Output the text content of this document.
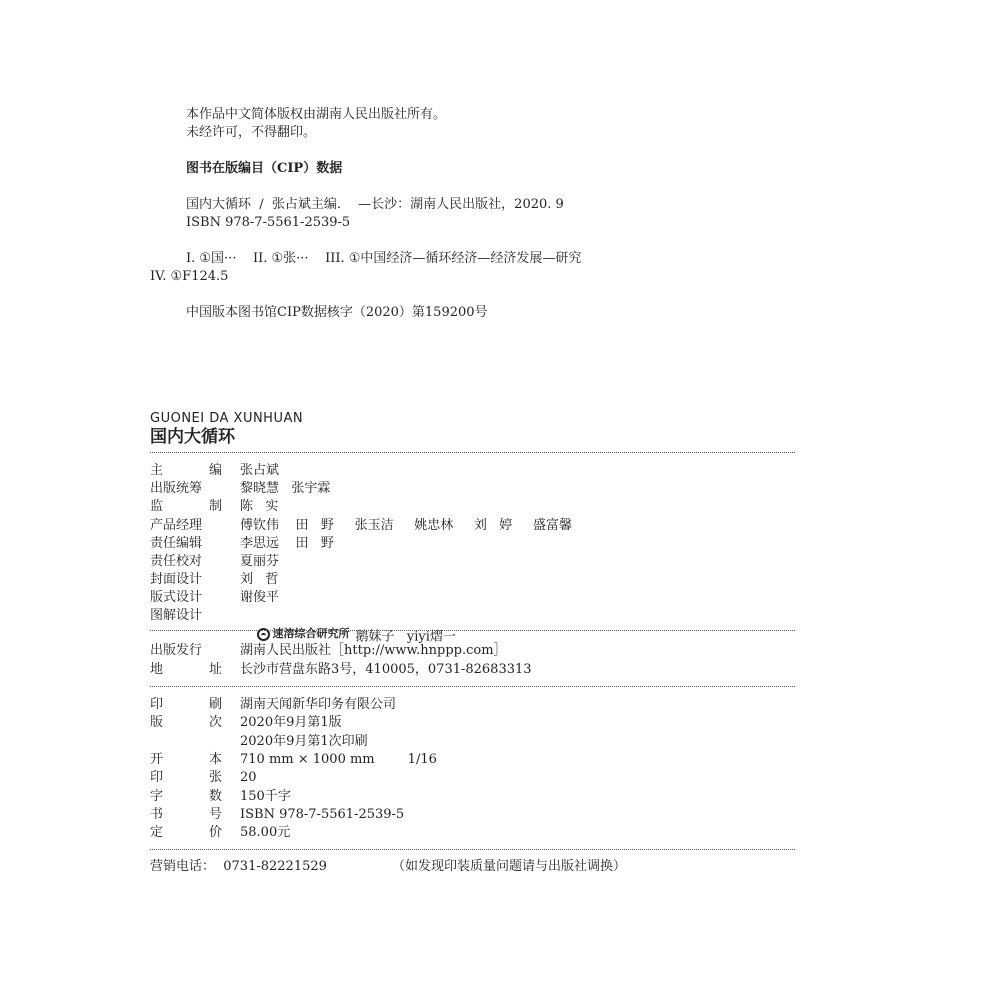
本作品中文简体版权由湖南人民出版社所有。
未经许可，不得翻印。
图书在版编目（CIP）数据
国内大循环  /  张占斌主编．  —长沙：湖南人民出版社，2020. 9
ISBN 978-7-5561-2539-5
I. ①国···    II. ①张···    III. ①中国经济—循环经济—经济发展—研究
IV. ①F124.5
中国版本图书馆CIP数据核字（2020）第159200号
GUONEI DA XUNHUAN
国内大循环
主	编 张占斌
出版统筹	黎晓慧   张宇霖
监	制 陈   实
产品经理	傅钦伟    田   野     张玉洁     姚忠林     刘   婷     盛富馨
责任编辑	李思远    田   野
责任校对	夏丽芬
封面设计	刘   哲
版式设计	谢俊平
图解设计

速溶综合研究所 鹅妹子   yiyi熠一

出版发行	湖南人民出版社［http://www.hnppp.com］
地	址 长沙市营盘东路3号，410005，0731-82683313
印	刷 湖南天闻新华印务有限公司
版	次 2020年9月第1版
2020年9月第1次印刷
开	本 710 mm × 1000 mm        1/16
印	张 20
字	数 150千字
书	号 ISBN 978-7-5561-2539-5
定	价 58.00元
营销电话：  0731-82221529	（如发现印装质量问题请与出版社调换）
